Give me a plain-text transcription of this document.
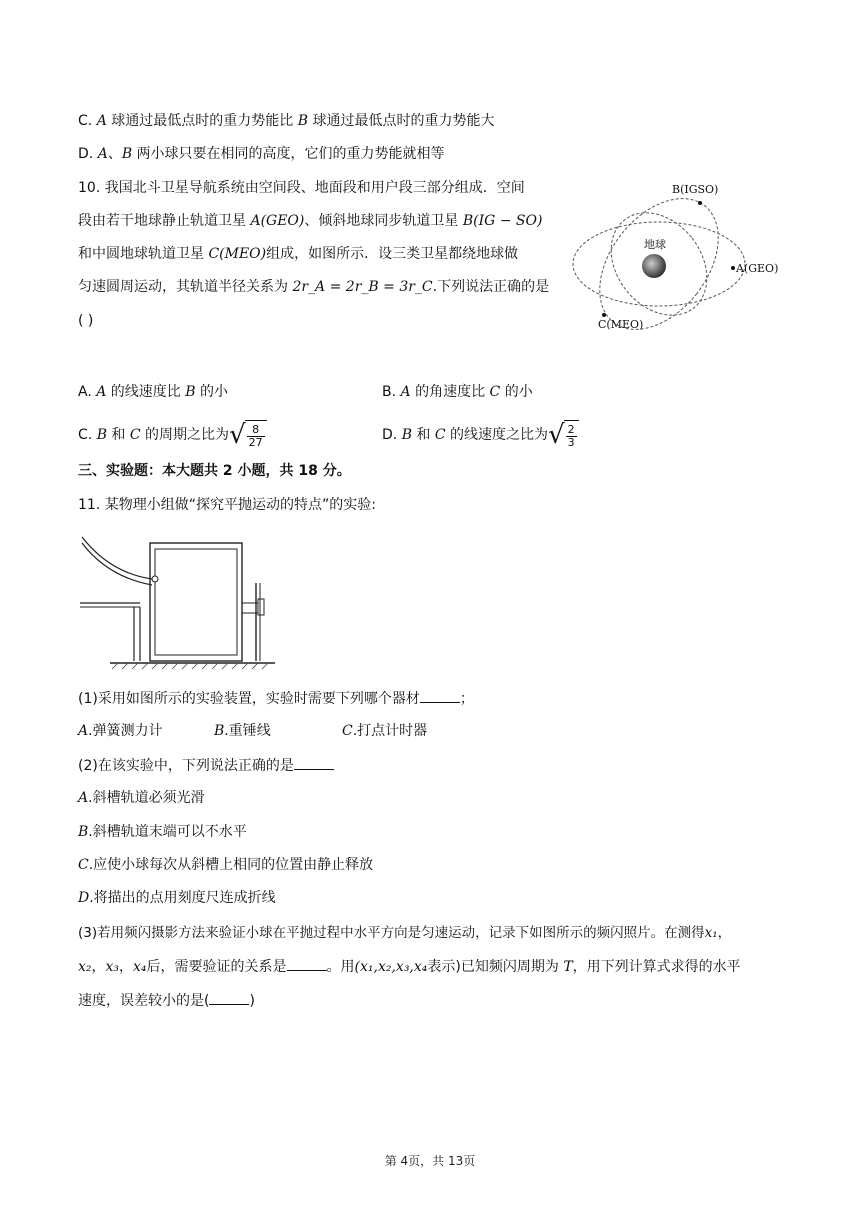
C. A 球通过最低点时的重力势能比 B 球通过最低点时的重力势能大
D. A、B 两小球只要在相同的高度，它们的重力势能就相等
10. 我国北斗卫星导航系统由空间段、地面段和用户段三部分组成．空间
段由若干地球静止轨道卫星 A(GEO)、倾斜地球同步轨道卫星 B(IG − SO)
和中圆地球轨道卫星 C(MEO)组成，如图所示．设三类卫星都绕地球做
匀速圆周运动，其轨道半径关系为 2r_A = 2r_B = 3r_C.下列说法正确的是
( )
地球
B(IGSO)
A(GEO)
C(MEO)
A. A 的线速度比 B 的小	B. A 的角速度比 C 的小
C. B 和 C 的周期之比为 √ $\frac{8}{27}$	D. B 和 C 的线速度之比为 √ $\frac{2}{3}$
三、实验题：本大题共 2 小题，共 18 分。
11. 某物理小组做“探究平抛运动的特点”的实验:
(1)采用如图所示的实验装置，实验时需要下列哪个器材	；
A.弹簧测力计	B.重锤线	C.打点计时器
(2)在该实验中，下列说法正确的是
A.斜槽轨道必须光滑
B.斜槽轨道末端可以不水平
C.应使小球每次从斜槽上相同的位置由静止释放
D.将描出的点用刻度尺连成折线
(3)若用频闪摄影方法来验证小球在平抛过程中水平方向是匀速运动，记录下如图所示的频闪照片。在测得x₁，
x₂，x₃，x₄后，需要验证的关系是	。用(x₁,x₂,x₃,x₄表示)已知频闪周期为 T，用下列计算式求得的水平
速度，误差较小的是(	)
第 4页，共 13页
